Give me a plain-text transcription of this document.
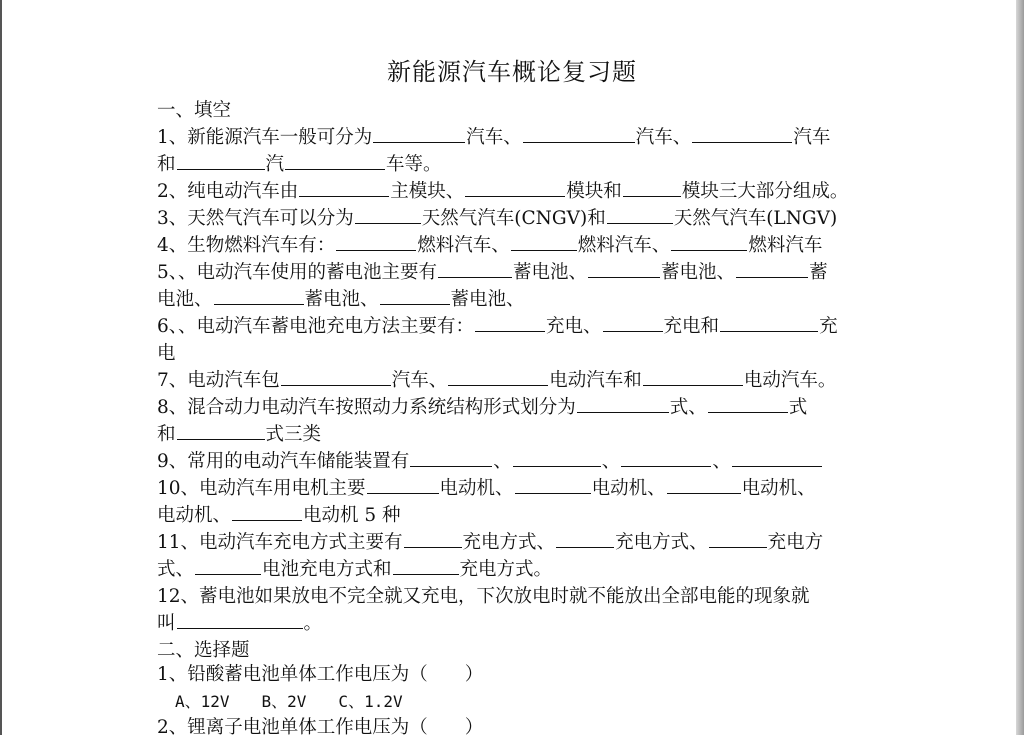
新能源汽车概论复习题
一、填空
1、新能源汽车一般可分为	汽车、	汽车、	汽车
和	汽	车等。
2、纯电动汽车由	主模块、	模块和	模块三大部分组成。
3、天然气汽车可以分为	天然气汽车(CNGV)和	天然气汽车(LNGV)
4、生物燃料汽车有：	燃料汽车、	燃料汽车、	燃料汽车
5、、电动汽车使用的蓄电池主要有	蓄电池、	蓄电池、	蓄
电池、	蓄电池、	蓄电池、
6、、电动汽车蓄电池充电方法主要有：	充电、	充电和	充
电
7、电动汽车包	汽车、	电动汽车和	电动汽车。
8、混合动力电动汽车按照动力系统结构形式划分为	式、	式
和	式三类
9、常用的电动汽车储能装置有	、	、	、
10、电动汽车用电机主要	电动机、	电动机、	电动机、
电动机、	电动机 5 种
11、电动汽车充电方式主要有	充电方式、	充电方式、	充电方
式、	电池充电方式和	充电方式。
12、蓄电池如果放电不完全就又充电，下次放电时就不能放出全部电能的现象就
叫	。
二、选择题
1、铅酸蓄电池单体工作电压为（　　）
A、12V　　B、2V　　C、1.2V
2、锂离子电池单体工作电压为（　　）
